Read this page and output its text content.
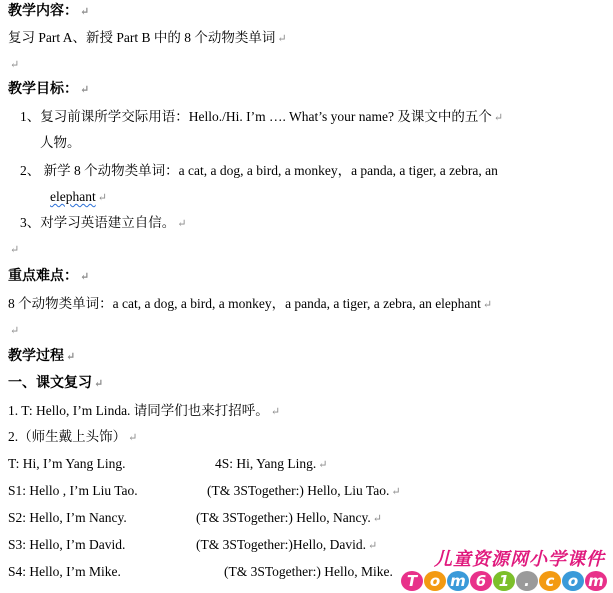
教学内容： ↵
复习 Part A、新授 Part B 中的 8 个动物类单词 ↵
↵
教学目标： ↵
1、复习前课所学交际用语：Hello./Hi. I’m …. What’s your name? 及课文中的五个 ↵
人物。
2、 新学 8 个动物类单词：a cat, a dog, a bird, a monkey，a panda, a tiger, a zebra, an
elephant ↵
3、对学习英语建立自信。 ↵
↵
重点难点： ↵
8 个动物类单词：a cat, a dog, a bird, a monkey，a panda, a tiger, a zebra, an elephant ↵
↵
教学过程 ↵
一、课文复习 ↵
1. T: Hello, I’m Linda. 请同学们也来打招呼。 ↵
2.（师生戴上头饰） ↵
T: Hi, I’m Yang Ling.	4S: Hi, Yang Ling. ↵
S1: Hello , I’m Liu Tao.	(T& 3STogether:) Hello, Liu Tao. ↵
S2: Hello, I’m Nancy.	(T& 3STogether:) Hello, Nancy. ↵
S3: Hello, I’m David.	(T& 3STogether:)Hello, David. ↵
S4: Hello, I’m Mike.	(T& 3STogether:) Hello, Mike.
儿童资源网小学课件
T o m 6 1 .	c o m
